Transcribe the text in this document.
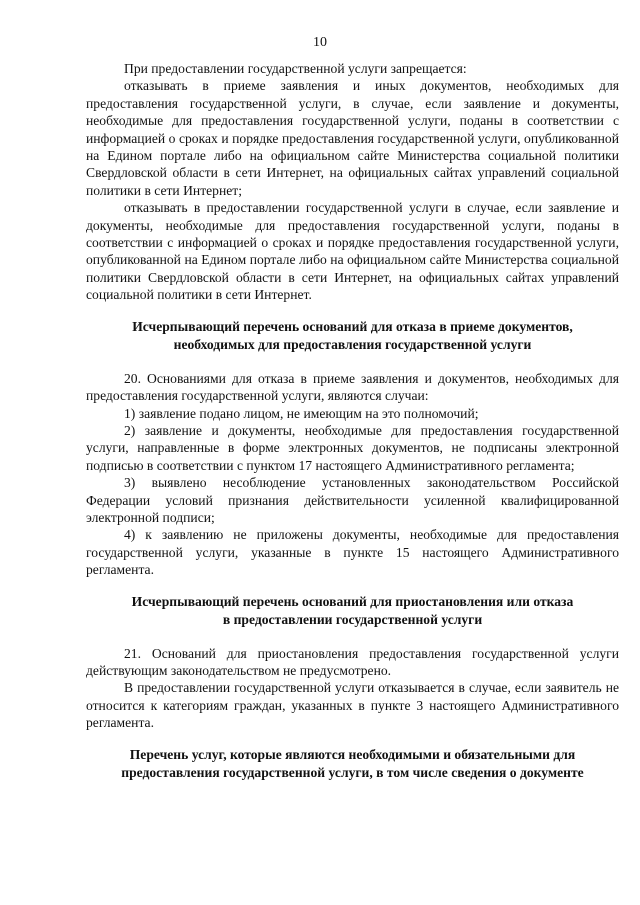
10

При предоставлении государственной услуги запрещается:

отказывать в приеме заявления и иных документов, необходимых для предоставления государственной услуги, в случае, если заявление и документы, необходимые для предоставления государственной услуги, поданы в соответствии с информацией о сроках и порядке предоставления государственной услуги, опубликованной на Едином портале либо на официальном сайте Министерства социальной политики Свердловской области в сети Интернет, на официальных сайтах управлений социальной политики в сети Интернет;

отказывать в предоставлении государственной услуги в случае, если заявление и документы, необходимые для предоставления государственной услуги, поданы в соответствии с информацией о сроках и порядке предоставления государственной услуги, опубликованной на Едином портале либо на официальном сайте Министерства социальной политики Свердловской области в сети Интернет, на официальных сайтах управлений социальной политики в сети Интернет.

Исчерпывающий перечень оснований для отказа в приеме документов,

необходимых для предоставления государственной услуги

20. Основаниями для отказа в приеме заявления и документов, необходимых для предоставления государственной услуги, являются случаи:

1) заявление подано лицом, не имеющим на это полномочий;

2) заявление и документы, необходимые для предоставления государственной услуги, направленные в форме электронных документов, не подписаны электронной подписью в соответствии с пунктом 17 настоящего Административного регламента;

3) выявлено несоблюдение установленных законодательством Российской Федерации условий признания действительности усиленной квалифицированной электронной подписи;

4) к заявлению не приложены документы, необходимые для предоставления государственной услуги, указанные в пункте 15 настоящего Административного регламента.

Исчерпывающий перечень оснований для приостановления или отказа

в предоставлении государственной услуги

21. Оснований для приостановления предоставления государственной услуги действующим законодательством не предусмотрено.

В предоставлении государственной услуги отказывается в случае, если заявитель не относится к категориям граждан, указанных в пункте 3 настоящего Административного регламента.

Перечень услуг, которые являются необходимыми и обязательными для

предоставления государственной услуги, в том числе сведения о документе
